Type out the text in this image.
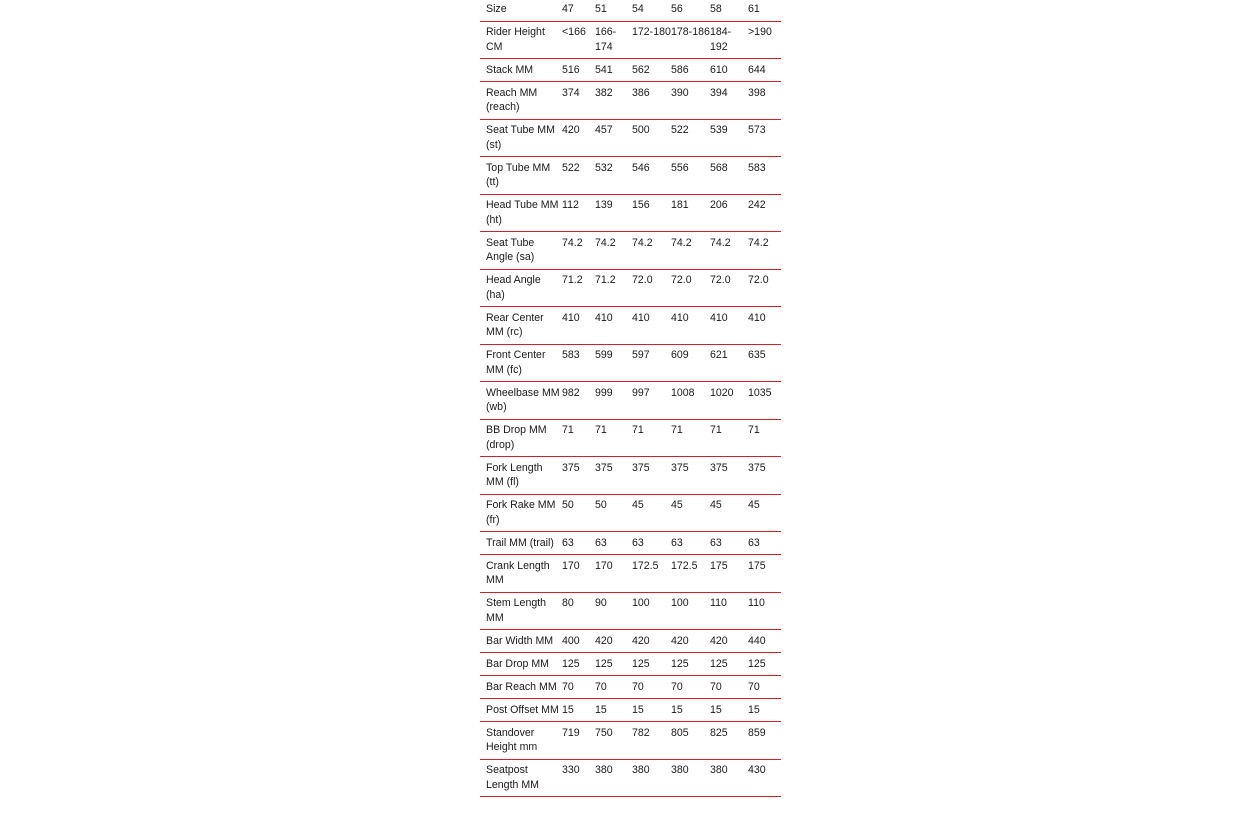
Size	47	51	54	56	58	61
Rider Height CM	<166	166-174	172-180	178-186	184-192	>190
Stack MM	516	541	562	586	610	644
Reach MM (reach)	374	382	386	390	394	398
Seat Tube MM (st)	420	457	500	522	539	573
Top Tube MM (tt)	522	532	546	556	568	583
Head Tube MM (ht)	112	139	156	181	206	242
Seat Tube Angle (sa)	74.2	74.2	74.2	74.2	74.2	74.2
Head Angle (ha)	71.2	71.2	72.0	72.0	72.0	72.0
Rear Center MM (rc)	410	410	410	410	410	410
Front Center MM (fc)	583	599	597	609	621	635
Wheelbase MM (wb)	982	999	997	1008	1020	1035
BB Drop MM (drop)	71	71	71	71	71	71
Fork Length MM (fl)	375	375	375	375	375	375
Fork Rake MM (fr)	50	50	45	45	45	45
Trail MM (trail)	63	63	63	63	63	63
Crank Length MM	170	170	172.5	172.5	175	175
Stem Length MM	80	90	100	100	110	110
Bar Width MM	400	420	420	420	420	440
Bar Drop MM	125	125	125	125	125	125
Bar Reach MM	70	70	70	70	70	70
Post Offset MM	15	15	15	15	15	15
Standover Height mm	719	750	782	805	825	859
Seatpost Length MM	330	380	380	380	380	430
